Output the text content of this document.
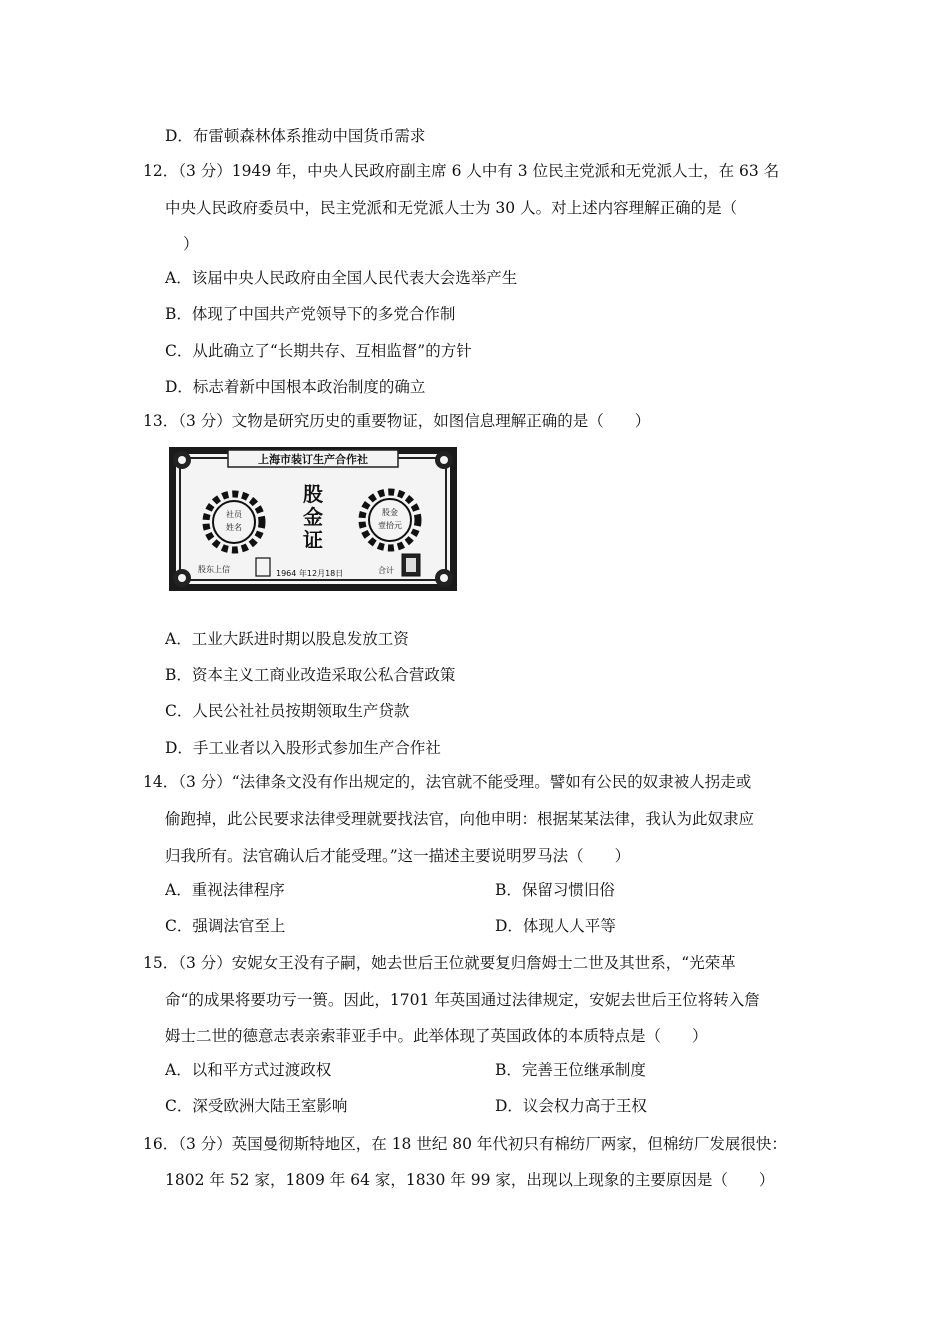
D．布雷顿森林体系推动中国货币需求
12．（3 分）1949 年，中央人民政府副主席 6 人中有 3 位民主党派和无党派人士，在 63 名
中央人民政府委员中，民主党派和无党派人士为 30 人。对上述内容理解正确的是（
）
A．该届中央人民政府由全国人民代表大会选举产生
B．体现了中国共产党领导下的多党合作制
C．从此确立了“长期共存、互相监督”的方针
D．标志着新中国根本政治制度的确立
13．（3 分）文物是研究历史的重要物证，如图信息理解正确的是（　　）
上海市装订生产合作社
社员
姓名
股金
壹拾元
股
金
证
股东上信	1964 年12月18日	合计
A．工业大跃进时期以股息发放工资
B．资本主义工商业改造采取公私合营政策
C．人民公社社员按期领取生产贷款
D．手工业者以入股形式参加生产合作社
14．（3 分）“法律条文没有作出规定的，法官就不能受理。譬如有公民的奴隶被人拐走或
偷跑掉，此公民要求法律受理就要找法官，向他申明：根据某某法律，我认为此奴隶应
归我所有。法官确认后才能受理。”这一描述主要说明罗马法（　　）
A．重视法律程序	B．保留习惯旧俗
C．强调法官至上	D．体现人人平等
15．（3 分）安妮女王没有子嗣，她去世后王位就要复归詹姆士二世及其世系，“光荣革
命“的成果将要功亏一篑。因此，1701 年英国通过法律规定，安妮去世后王位将转入詹
姆士二世的德意志表亲索菲亚手中。此举体现了英国政体的本质特点是（　　）
A．以和平方式过渡政权	B．完善王位继承制度
C．深受欧洲大陆王室影响	D．议会权力高于王权
16．（3 分）英国曼彻斯特地区，在 18 世纪 80 年代初只有棉纺厂两家，但棉纺厂发展很快：
1802 年 52 家，1809 年 64 家，1830 年 99 家，出现以上现象的主要原因是（　　）
